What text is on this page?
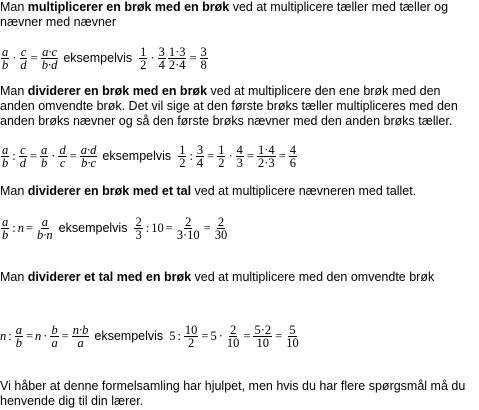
Man multiplicerer en brøk med en brøk ved at multiplicere tæller med tæller og nævner med nævner
$\frac{a}{b} \cdot \frac{c}{d} = \frac{a\cdot c}{b\cdot d}$ eksempelvis $\frac{1}{2} \cdot \frac{3}{4} \frac{1\cdot 3}{2\cdot 4} = \frac{3}{8}$
Man dividerer en brøk med en brøk ved at multiplicere den ene brøk med den anden omvendte brøk. Det vil sige at den første brøks tæller multipliceres med den anden brøks nævner og så den første brøks nævner med den anden brøks tæller.
$\frac{a}{b}$ : $\frac{c}{d} = \frac{a}{b} \cdot \frac{d}{c} = \frac{a\cdot d}{b\cdot c}$ eksempelvis $\frac{1}{2}$ : $\frac{3}{4} = \frac{1}{2} \cdot \frac{4}{3} = \frac{1\cdot 4}{2\cdot 3} = \frac{4}{6}$
Man dividerer en brøk med et tal ved at multiplicere nævneren med tallet.
$\frac{a}{b}$ : $n = \frac{a}{b\cdot n}$ eksempelvis $\frac{2}{3}$ : $10 = \frac{2}{3\cdot 10} = \frac{2}{30}$
Man dividerer et tal med en brøk ved at multiplicere med den omvendte brøk
n : $\frac{a}{b} = n \cdot \frac{b}{a} = \frac{n\cdot b}{a}$ eksempelvis 5 : $\frac{10}{2} = 5 \cdot \frac{2}{10} = \frac{5\cdot 2}{10} = \frac{5}{10}$
Vi håber at denne formelsamling har hjulpet, men hvis du har flere spørgsmål må du henvende dig til din lærer.
